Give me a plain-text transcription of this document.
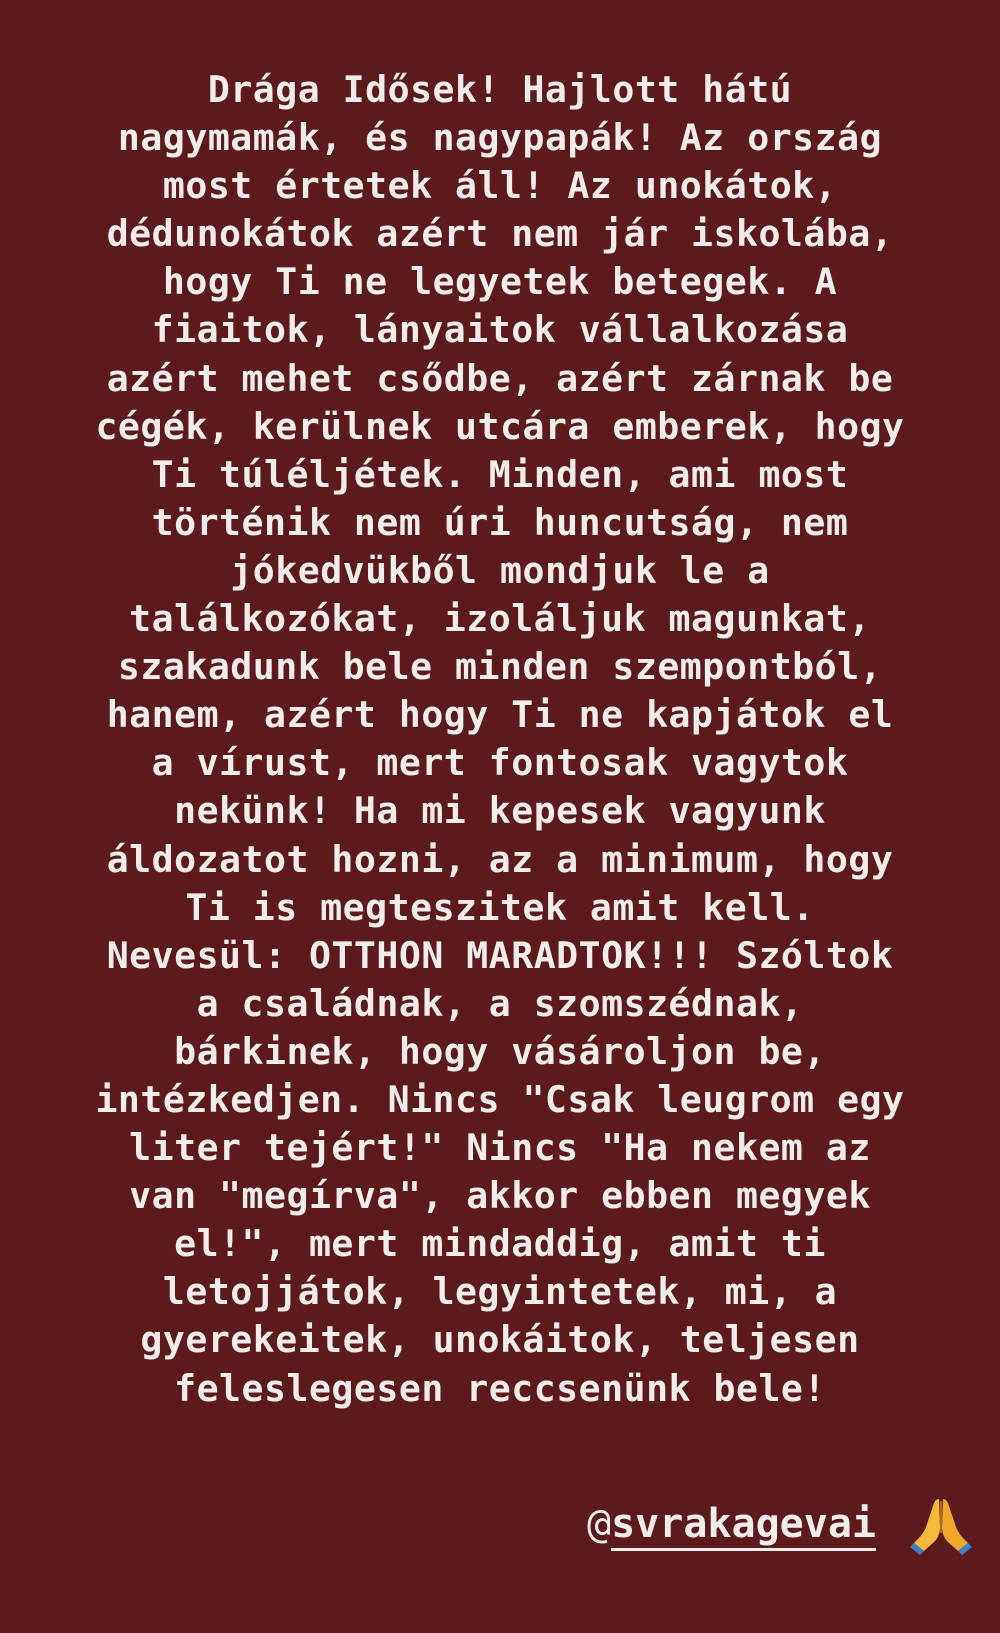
Drága Idősek! Hajlott hátú
nagymamák, és nagypapák! Az ország
most értetek áll! Az unokátok,
dédunokátok azért nem jár iskolába,
hogy Ti ne legyetek betegek. A
fiaitok, lányaitok vállalkozása
azért mehet csődbe, azért zárnak be
cégék, kerülnek utcára emberek, hogy
Ti túléljétek. Minden, ami most
történik nem úri huncutság, nem
jókedvükből mondjuk le a
találkozókat, izoláljuk magunkat,
szakadunk bele minden szempontból,
hanem, azért hogy Ti ne kapjátok el
a vírust, mert fontosak vagytok
nekünk! Ha mi kepesek vagyunk
áldozatot hozni, az a minimum, hogy
Ti is megteszitek amit kell.
Nevesül: OTTHON MARADTOK!!! Szóltok
a családnak, a szomszédnak,
bárkinek, hogy vásároljon be,
intézkedjen. Nincs "Csak leugrom egy
liter tejért!" Nincs "Ha nekem az
van "megírva", akkor ebben megyek
el!", mert mindaddig, amit ti
letojjátok, legyintetek, mi, a
gyerekeitek, unokáitok, teljesen
feleslegesen reccsenünk bele!
@ svrakagevai
